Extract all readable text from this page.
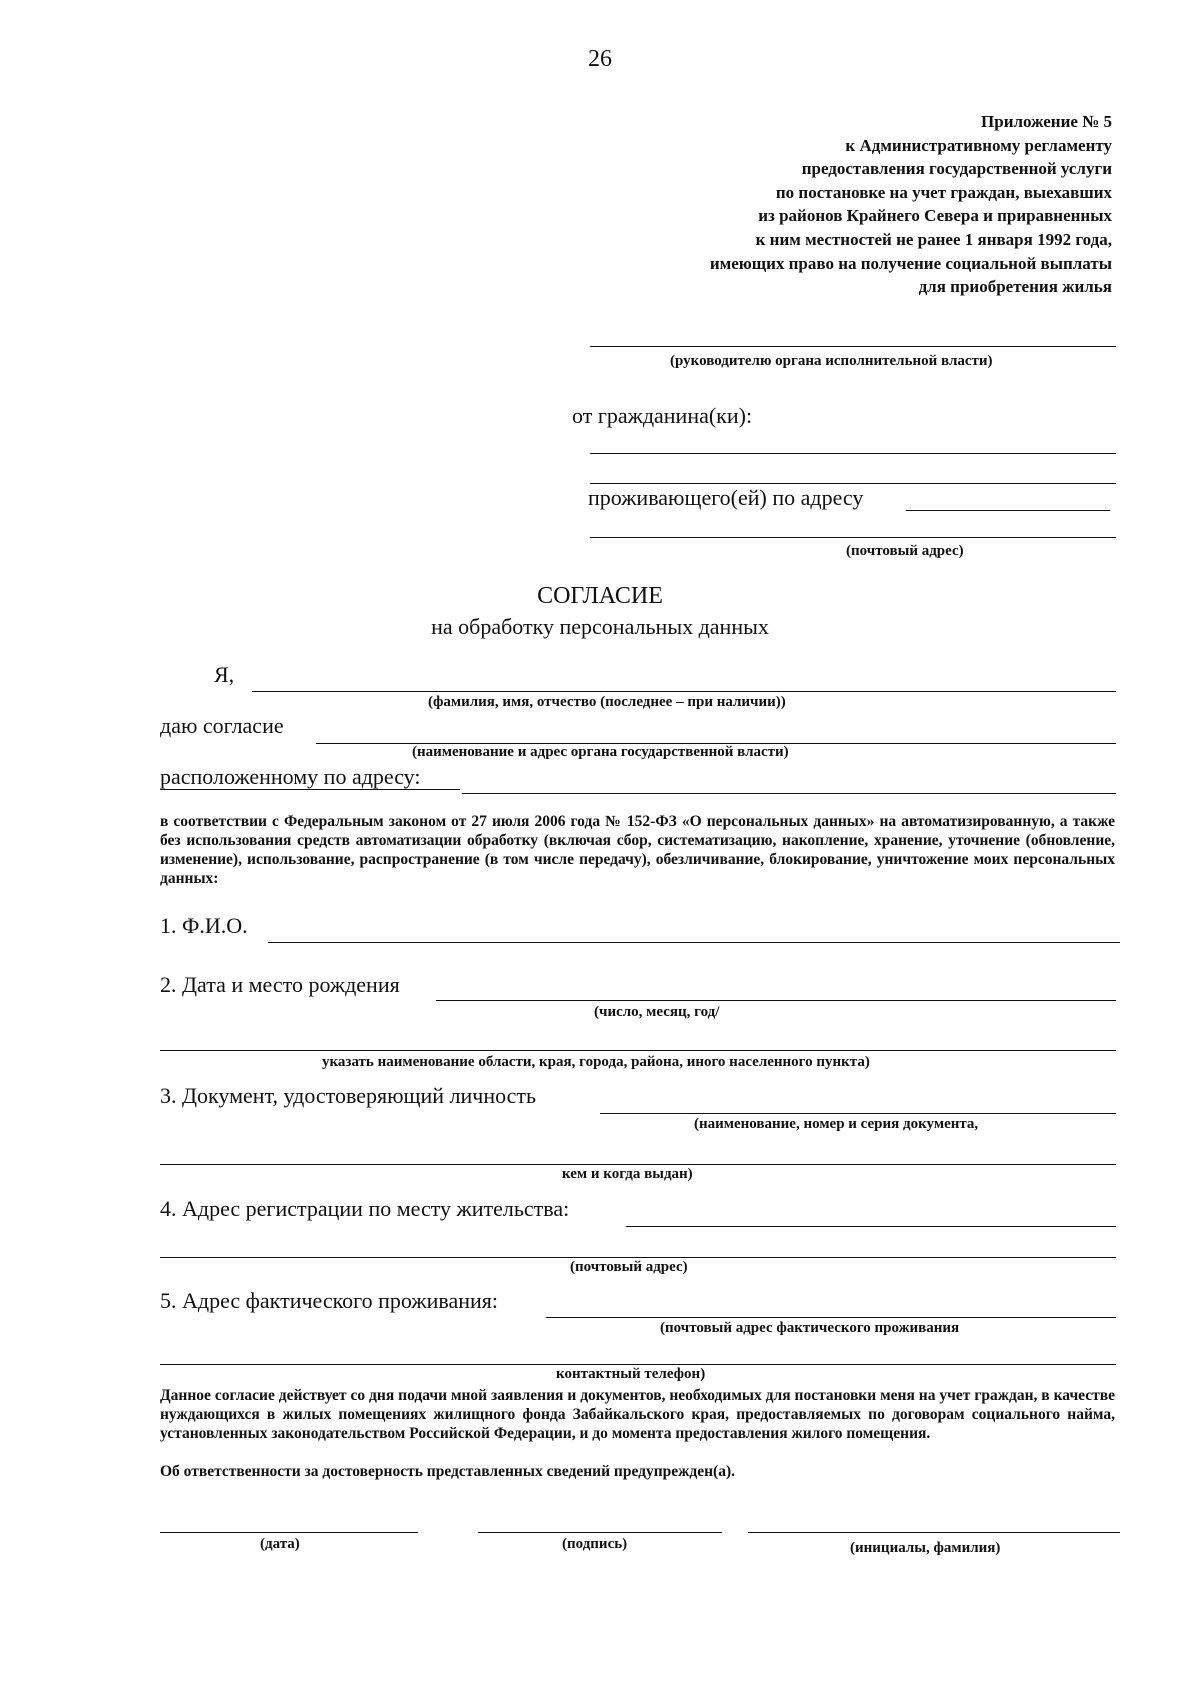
26
Приложение № 5
к Административному регламенту
предоставления государственной услуги
по постановке на учет граждан, выехавших
из районов Крайнего Севера и приравненных
к ним местностей не ранее 1 января 1992 года,
имеющих право на получение социальной выплаты
для приобретения жилья
(руководителю органа исполнительной власти)
от гражданина(ки):
проживающего(ей) по адресу
(почтовый адрес)
СОГЛАСИЕ
на обработку персональных данных
Я,
(фамилия, имя, отчество (последнее – при наличии))
даю согласие
(наименование и адрес органа государственной власти)
расположенному по адресу:
в соответствии с Федеральным законом от 27 июля 2006 года № 152-ФЗ «О персональных данных» на автоматизированную, а также без использования средств автоматизации обработку (включая сбор, систематизацию, накопление, хранение, уточнение (обновление, изменение), использование, распространение (в том числе передачу), обезличивание, блокирование, уничтожение моих персональных данных:
1. Ф.И.О.
2. Дата и место рождения
(число, месяц, год/
указать наименование области, края, города, района, иного населенного пункта)
3. Документ, удостоверяющий личность
(наименование, номер и серия документа,
кем и когда выдан)
4. Адрес регистрации по месту жительства:
(почтовый адрес)
5. Адрес фактического проживания:
(почтовый адрес фактического проживания
контактный телефон)
Данное согласие действует со дня подачи мной заявления и документов, необходимых для постановки меня на учет граждан, в качестве нуждающихся в жилых помещениях жилищного фонда Забайкальского края, предоставляемых по договорам социального найма, установленных законодательством Российской Федерации, и до момента предоставления жилого помещения.
Об ответственности за достоверность представленных сведений предупрежден(а).
(дата)	(подпись)	(инициалы, фамилия)
